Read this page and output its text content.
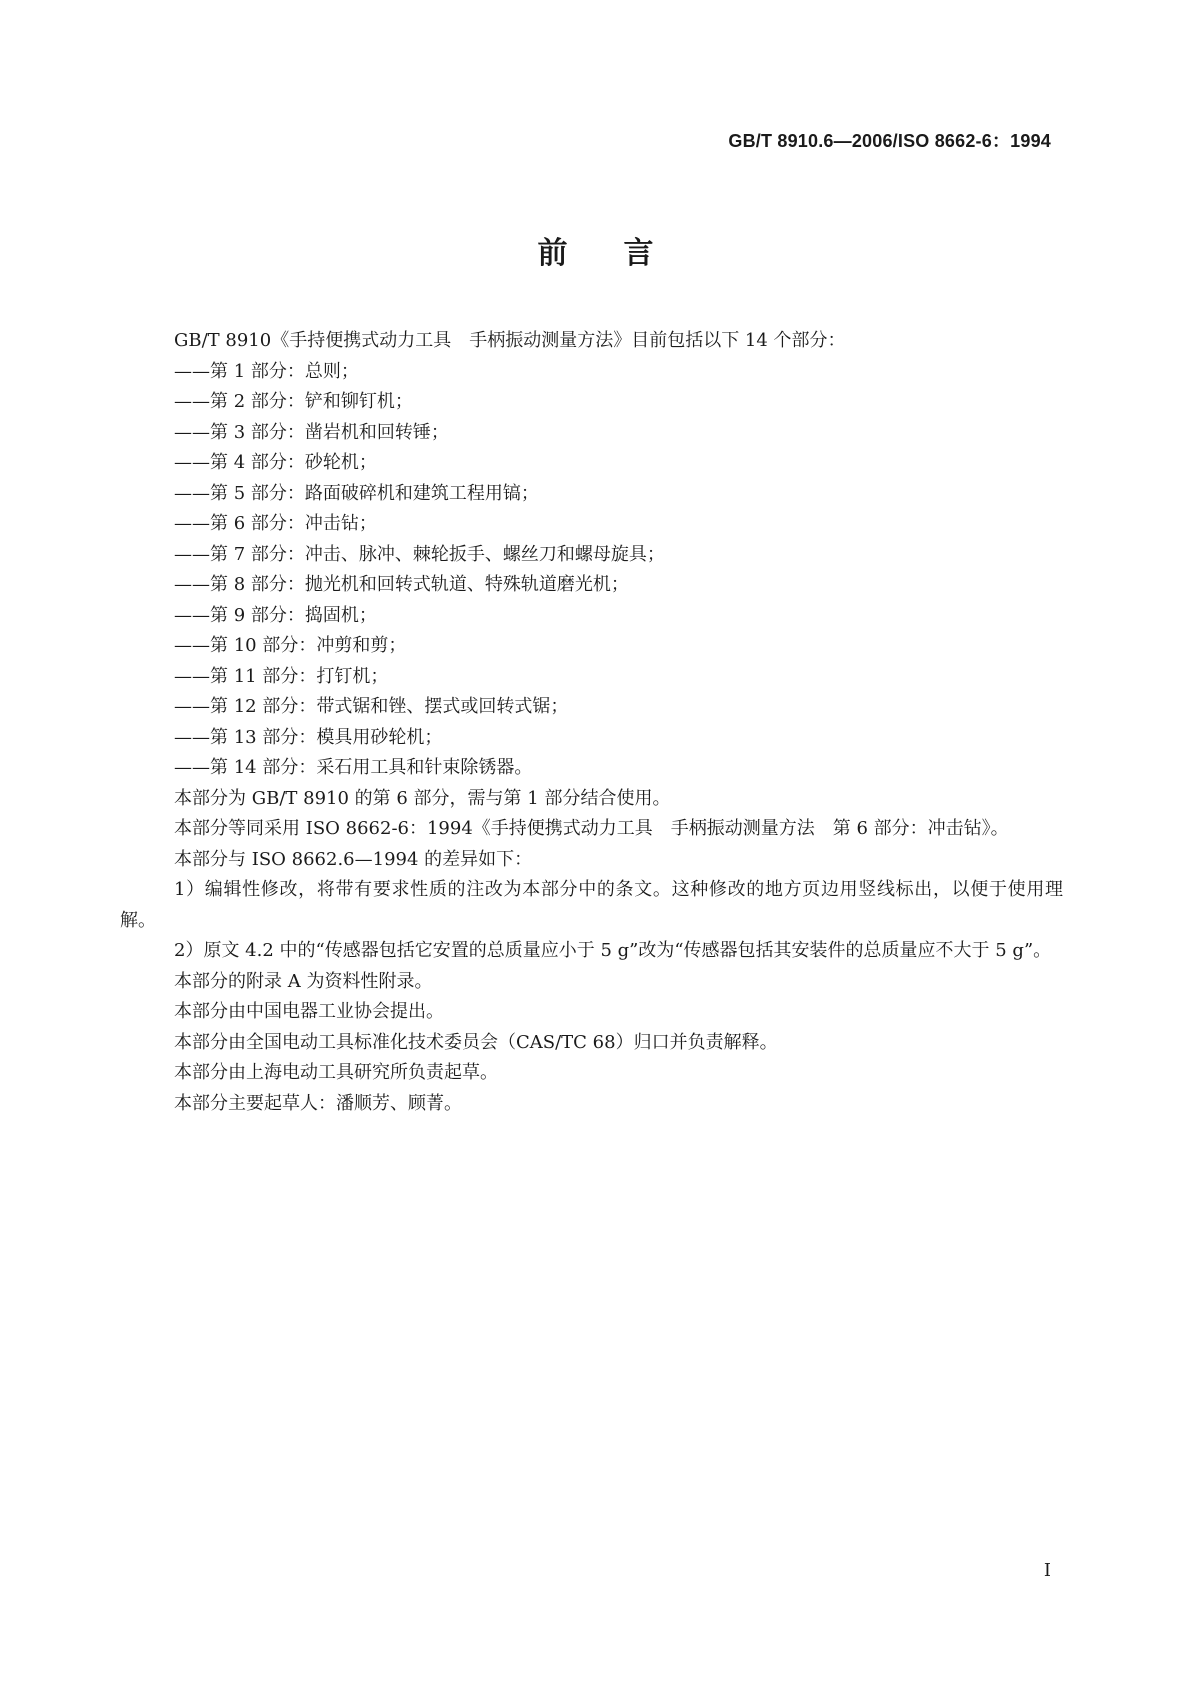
GB/T 8910.6—2006/ISO 8662-6：1994
前言

GB/T 8910《手持便携式动力工具　手柄振动测量方法》目前包括以下 14 个部分：

——第 1 部分：总则；

——第 2 部分：铲和铆钉机；

——第 3 部分：凿岩机和回转锤；

——第 4 部分：砂轮机；

——第 5 部分：路面破碎机和建筑工程用镐；

——第 6 部分：冲击钻；

——第 7 部分：冲击、脉冲、棘轮扳手、螺丝刀和螺母旋具；

——第 8 部分：抛光机和回转式轨道、特殊轨道磨光机；

——第 9 部分：捣固机；

——第 10 部分：冲剪和剪；

——第 11 部分：打钉机；

——第 12 部分：带式锯和锉、摆式或回转式锯；

——第 13 部分：模具用砂轮机；

——第 14 部分：采石用工具和针束除锈器。

本部分为 GB/T 8910 的第 6 部分，需与第 1 部分结合使用。

本部分等同采用 ISO 8662-6：1994《手持便携式动力工具　手柄振动测量方法　第 6 部分：冲击钻》。

本部分与 ISO 8662.6—1994 的差异如下：

1）编辑性修改，将带有要求性质的注改为本部分中的条文。这种修改的地方页边用竖线标出，以便于使用理解。

2）原文 4.2 中的“传感器包括它安置的总质量应小于 5 g”改为“传感器包括其安装件的总质量应不大于 5 g”。

本部分的附录 A 为资料性附录。

本部分由中国电器工业协会提出。

本部分由全国电动工具标准化技术委员会（CAS/TC 68）归口并负责解释。

本部分由上海电动工具研究所负责起草。

本部分主要起草人：潘顺芳、顾菁。

I
